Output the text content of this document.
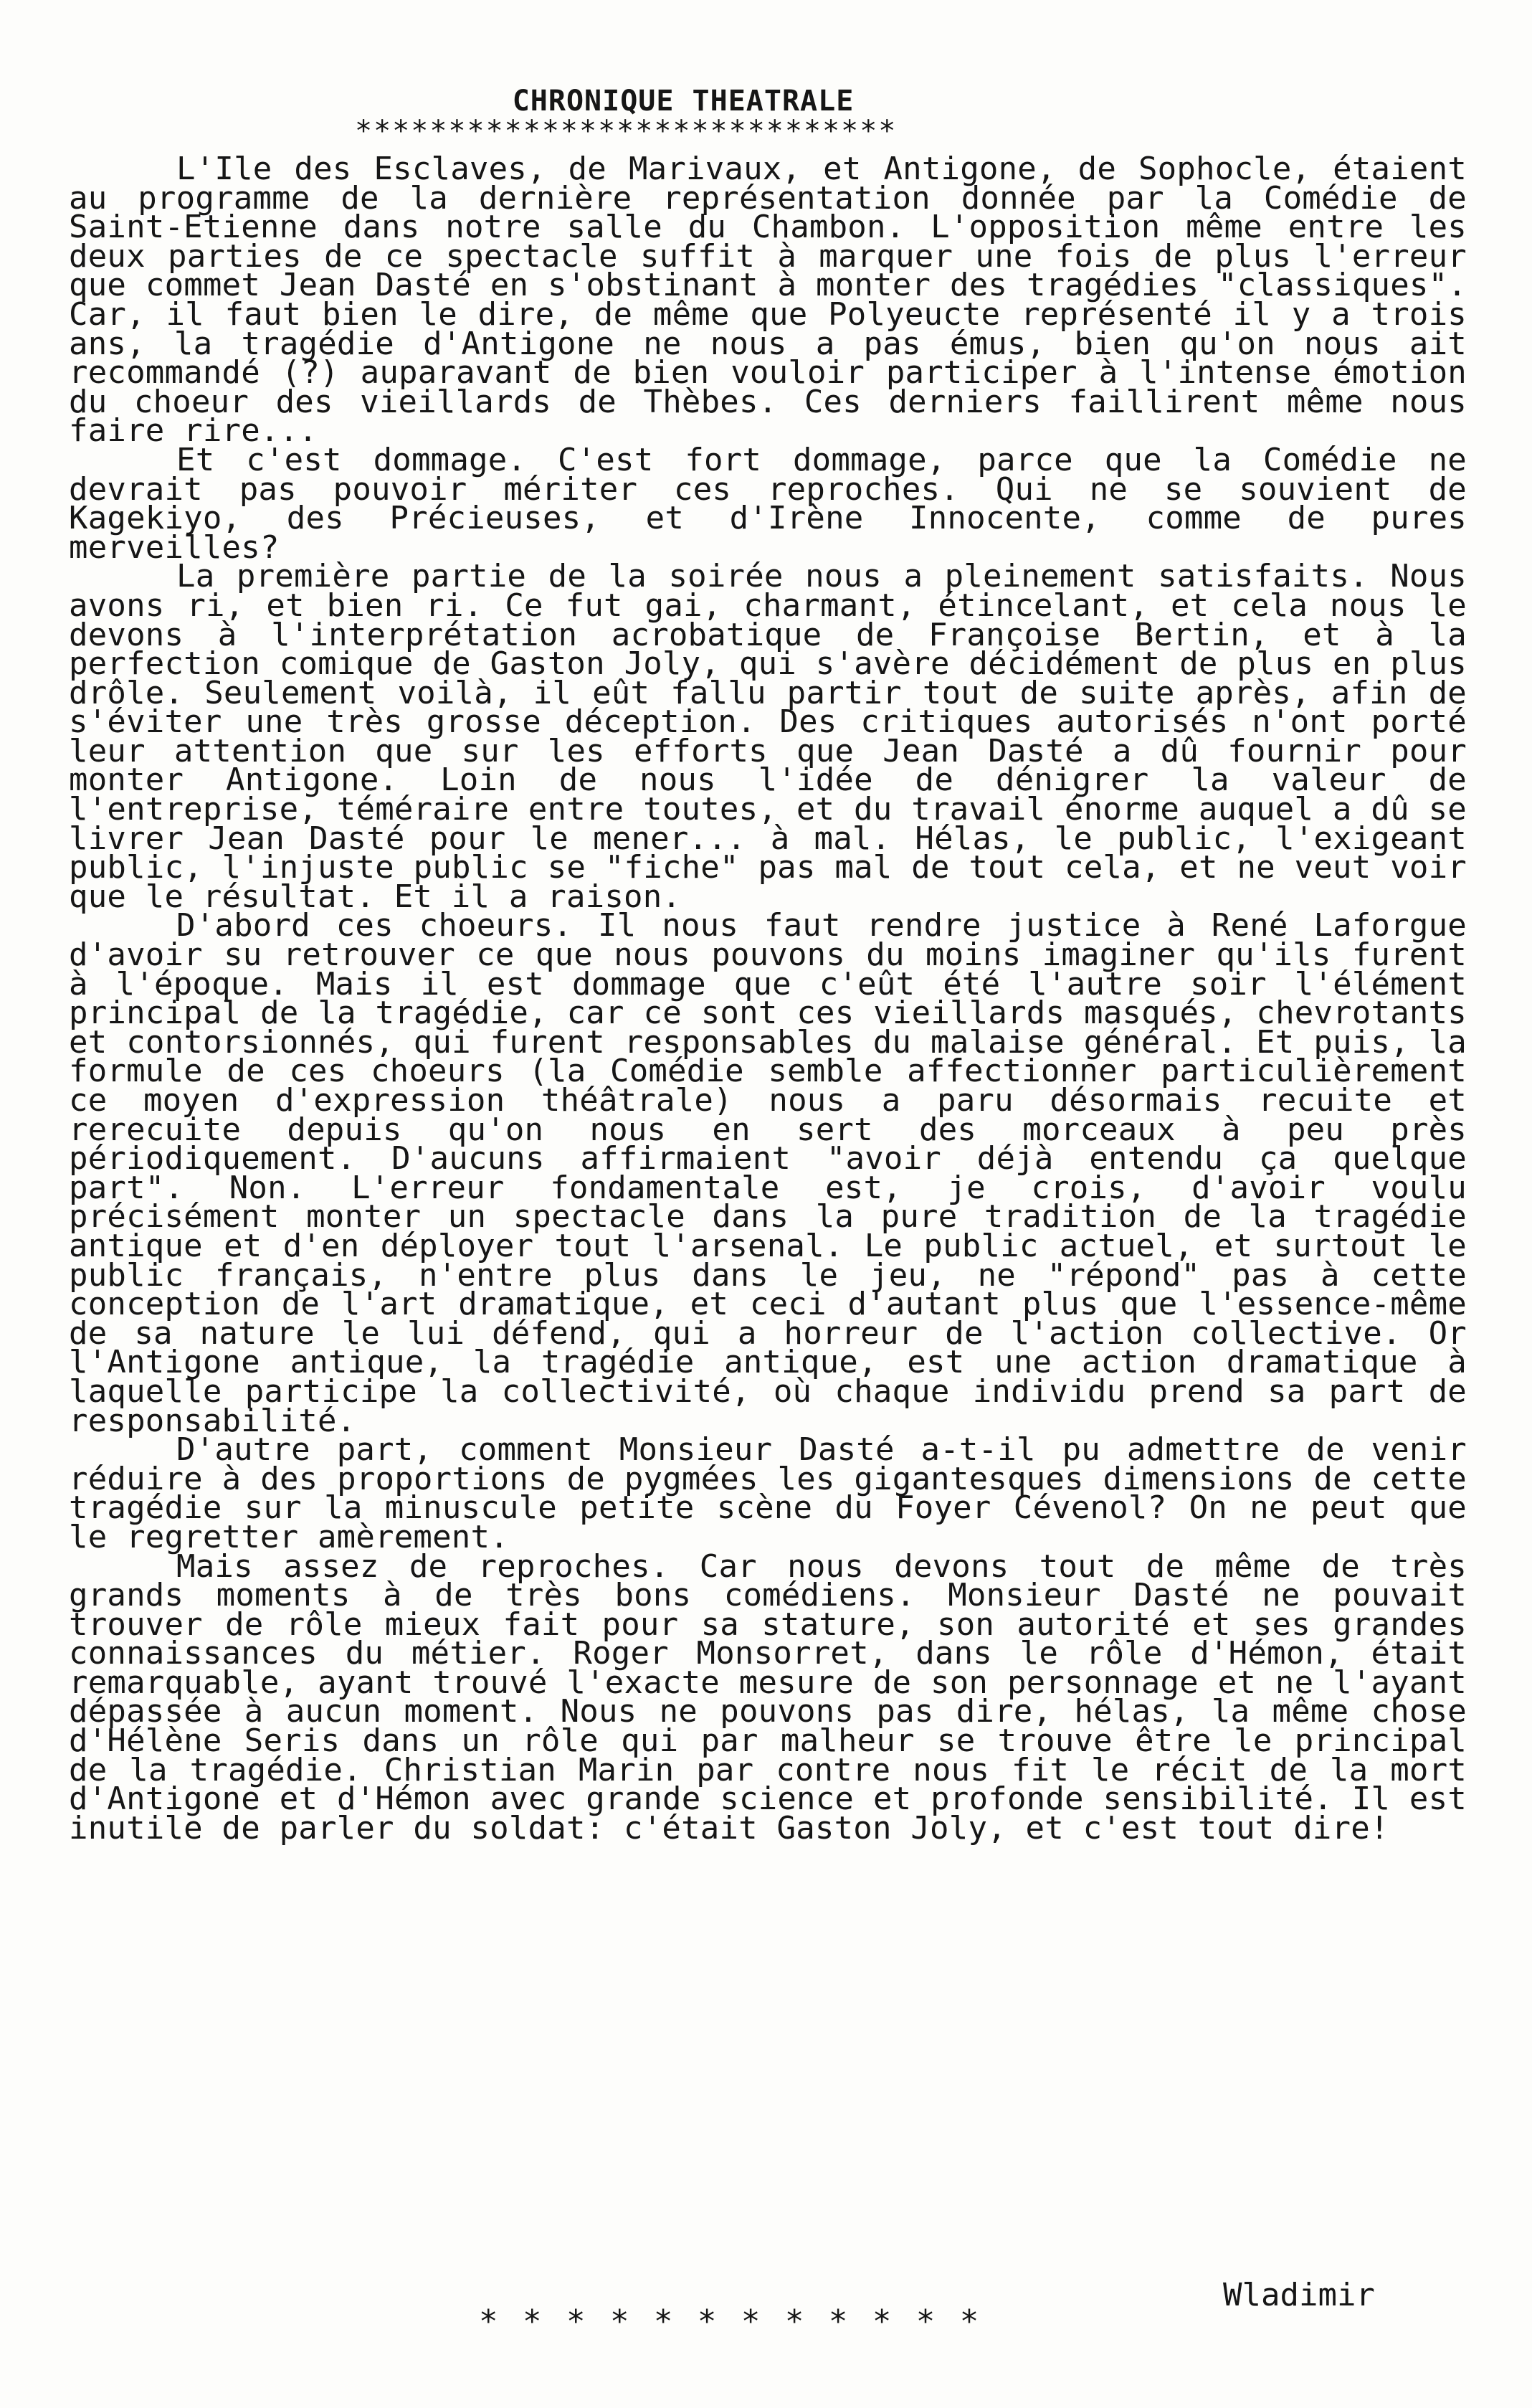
CHRONIQUE THEATRALE
*****************************

L'Ile des Esclaves, de Marivaux, et Antigone, de Sophocle, étaient au programme de la dernière représentation donnée par la Comédie de Saint-Etienne dans notre salle du Chambon. L'opposition même entre les deux parties de ce spectacle suffit à marquer une fois de plus l'erreur que commet Jean Dasté en s'obstinant à monter des tragédies "classiques". Car, il faut bien le dire, de même que Polyeucte représenté il y a trois ans, la tragédie d'Antigone ne nous a pas émus, bien qu'on nous ait recommandé (?) auparavant de bien vouloir participer à l'intense émotion du choeur des vieillards de Thèbes. Ces derniers faillirent même nous faire rire...

Et c'est dommage. C'est fort dommage, parce que la Comédie ne devrait pas pouvoir mériter ces reproches. Qui ne se souvient de Kagekiyo, des Précieuses, et d'Irène Innocente, comme de pures merveilles?

La première partie de la soirée nous a pleinement satisfaits. Nous avons ri, et bien ri. Ce fut gai, charmant, étincelant, et cela nous le devons à l'interprétation acrobatique de Françoise Bertin, et à la perfection comique de Gaston Joly, qui s'avère décidément de plus en plus drôle. Seulement voilà, il eût fallu partir tout de suite après, afin de s'éviter une très grosse déception. Des critiques autorisés n'ont porté leur attention que sur les efforts que Jean Dasté a dû fournir pour monter Antigone. Loin de nous l'idée de dénigrer la valeur de l'entreprise, téméraire entre toutes, et du travail énorme auquel a dû se livrer Jean Dasté pour le mener... à mal. Hélas, le public, l'exigeant public, l'injuste public se "fiche" pas mal de tout cela, et ne veut voir que le résultat. Et il a raison.

D'abord ces choeurs. Il nous faut rendre justice à René Laforgue d'avoir su retrouver ce que nous pouvons du moins imaginer qu'ils furent à l'époque. Mais il est dommage que c'eût été l'autre soir l'élément principal de la tragédie, car ce sont ces vieillards masqués, chevrotants et contorsionnés, qui furent responsables du malaise général. Et puis, la formule de ces choeurs (la Comédie semble affectionner particulièrement ce moyen d'expression théâtrale) nous a paru désormais recuite et rerecuite depuis qu'on nous en sert des morceaux à peu près périodiquement. D'aucuns affirmaient "avoir déjà entendu ça quelque part". Non. L'erreur fondamentale est, je crois, d'avoir voulu précisément monter un spectacle dans la pure tradition de la tragédie antique et d'en déployer tout l'arsenal. Le public actuel, et surtout le public français, n'entre plus dans le jeu, ne "répond" pas à cette conception de l'art dramatique, et ceci d'autant plus que l'essence-même de sa nature le lui défend, qui a horreur de l'action collective. Or l'Antigone antique, la tragédie antique, est une action dramatique à laquelle participe la collectivité, où chaque individu prend sa part de responsabilité.

D'autre part, comment Monsieur Dasté a-t-il pu admettre de venir réduire à des proportions de pygmées les gigantesques dimensions de cette tragédie sur la minuscule petite scène du Foyer Cévenol? On ne peut que le regretter amèrement.

Mais assez de reproches. Car nous devons tout de même de très grands moments à de très bons comédiens. Monsieur Dasté ne pouvait trouver de rôle mieux fait pour sa stature, son autorité et ses grandes connaissances du métier. Roger Monsorret, dans le rôle d'Hémon, était remarquable, ayant trouvé l'exacte mesure de son personnage et ne l'ayant dépassée à aucun moment. Nous ne pouvons pas dire, hélas, la même chose d'Hélène Seris dans un rôle qui par malheur se trouve être le principal de la tragédie. Christian Marin par contre nous fit le récit de la mort d'Antigone et d'Hémon avec grande science et profonde sensibilité. Il est inutile de parler du soldat: c'était Gaston Joly, et c'est tout dire!

Wladimir
* * * * * * * * * * * *
